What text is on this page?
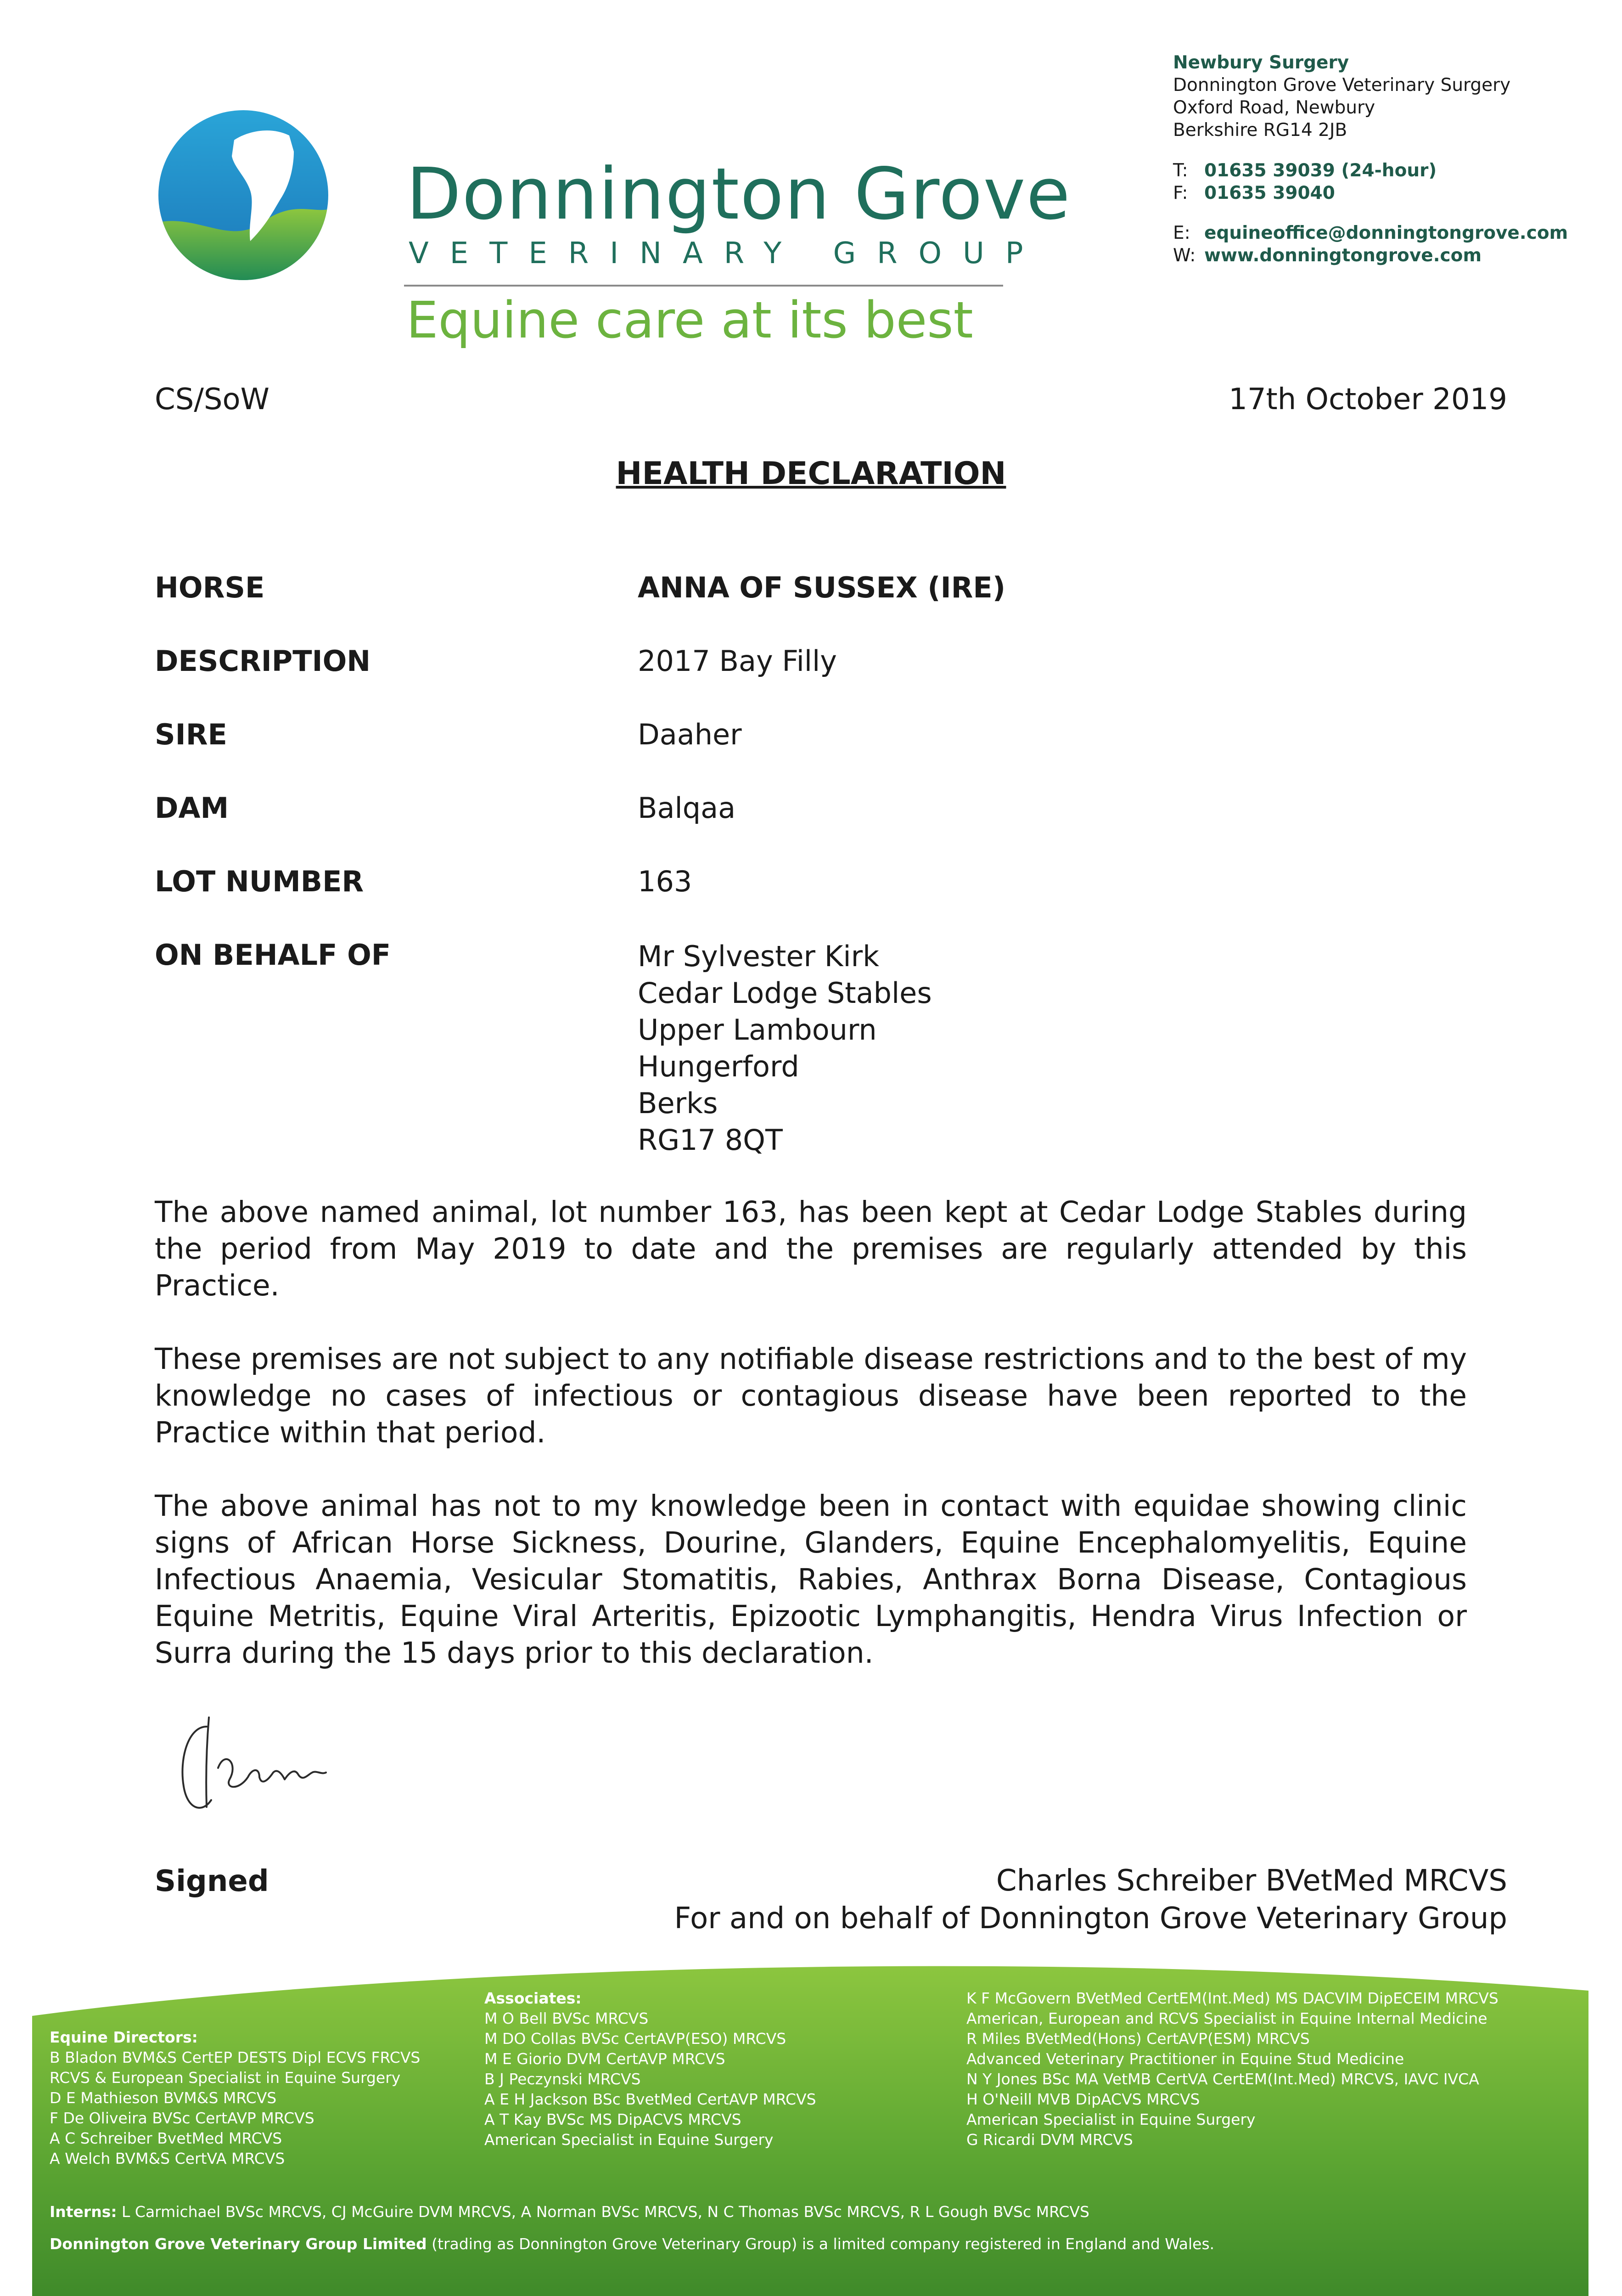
Donnington Grove
VETERINARY GROUP
Equine care at its best
Newbury Surgery
Donnington Grove Veterinary Surgery
Oxford Road, Newbury
Berkshire RG14 2JB
T: 01635 39039 (24-hour)
F: 01635 39040
E: equineoffice@donningtongrove.com
W: www.donningtongrove.com
CS/SoW	17th October 2019
HEALTH DECLARATION
HORSE	ANNA OF SUSSEX (IRE)
DESCRIPTION	2017 Bay Filly
SIRE	Daaher
DAM	Balqaa
LOT NUMBER	163
ON BEHALF OF	Mr Sylvester Kirk
Cedar Lodge Stables
Upper Lambourn
Hungerford
Berks
RG17 8QT
The above named animal, lot number 163, has been kept at Cedar Lodge Stables during the period from May 2019 to date and the premises are regularly attended by this Practice.
These premises are not subject to any notifiable disease restrictions and to the best of my knowledge no cases of infectious or contagious disease have been reported to the Practice within that period.
The above animal has not to my knowledge been in contact with equidae showing clinic signs of African Horse Sickness, Dourine, Glanders, Equine Encephalomyelitis, Equine Infectious Anaemia, Vesicular Stomatitis, Rabies, Anthrax Borna Disease, Contagious Equine Metritis, Equine Viral Arteritis, Epizootic Lymphangitis, Hendra Virus Infection or Surra during the 15 days prior to this declaration.
Signed	Charles Schreiber BVetMed MRCVS
For and on behalf of Donnington Grove Veterinary Group
Equine Directors:
B Bladon BVM&S CertEP DESTS Dipl ECVS FRCVS
RCVS & European Specialist in Equine Surgery
D E Mathieson BVM&S MRCVS
F De Oliveira BVSc CertAVP MRCVS
A C Schreiber BvetMed MRCVS
A Welch BVM&S CertVA MRCVS
Associates:
M O Bell BVSc MRCVS
M DO Collas BVSc CertAVP(ESO) MRCVS
M E Giorio DVM CertAVP MRCVS
B J Peczynski MRCVS
A E H Jackson BSc BvetMed CertAVP MRCVS
A T Kay BVSc MS DipACVS MRCVS
American Specialist in Equine Surgery
K F McGovern BVetMed CertEM(Int.Med) MS DACVIM DipECEIM MRCVS
American, European and RCVS Specialist in Equine Internal Medicine
R Miles BVetMed(Hons) CertAVP(ESM) MRCVS
Advanced Veterinary Practitioner in Equine Stud Medicine
N Y Jones BSc MA VetMB CertVA CertEM(Int.Med) MRCVS, IAVC IVCA
H O'Neill MVB DipACVS MRCVS
American Specialist in Equine Surgery
G Ricardi DVM MRCVS
Interns: L Carmichael BVSc MRCVS, CJ McGuire DVM MRCVS, A Norman BVSc MRCVS, N C Thomas BVSc MRCVS, R L Gough BVSc MRCVS
Donnington Grove Veterinary Group Limited (trading as Donnington Grove Veterinary Group) is a limited company registered in England and Wales.
